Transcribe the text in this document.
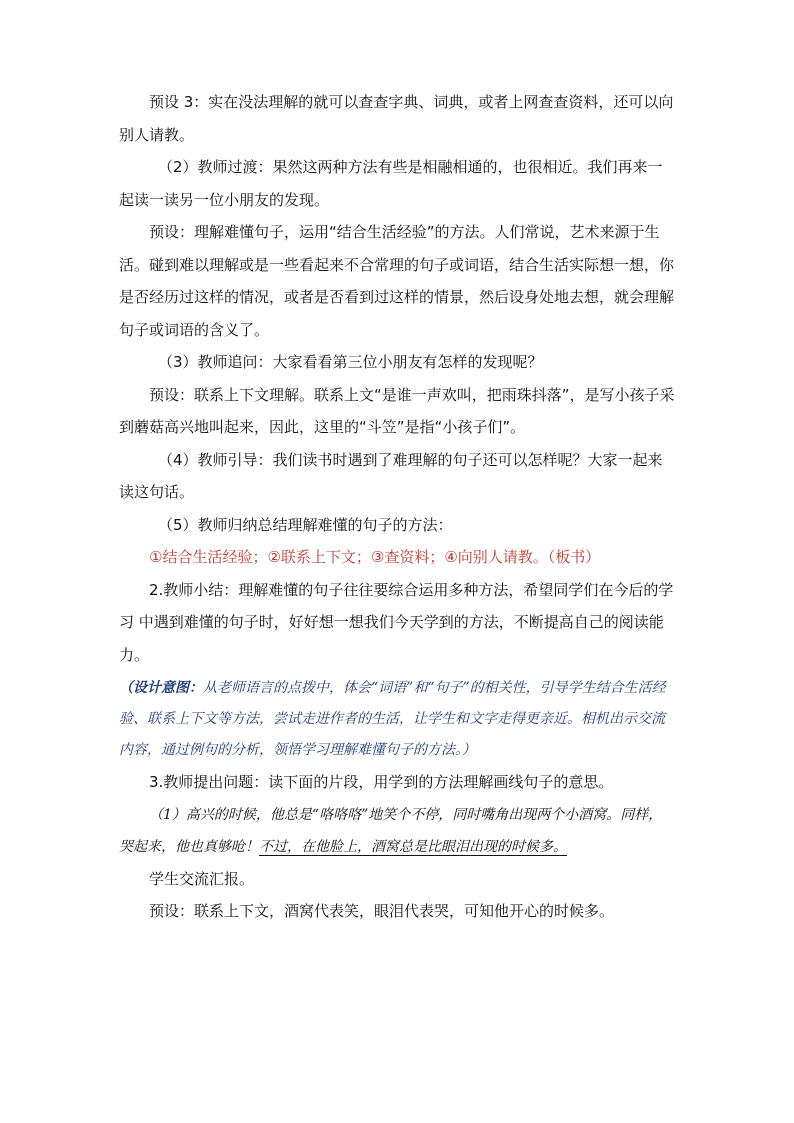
预设 3：实在没法理解的就可以查查字典、词典，或者上网查查资料，还可以向别人请教。

（2）教师过渡：果然这两种方法有些是相融相通的，也很相近。我们再来一起读一读另一位小朋友的发现。

预设：理解难懂句子，运用“结合生活经验”的方法。人们常说，艺术来源于生活。碰到难以理解或是一些看起来不合常理的句子或词语，结合生活实际想一想，你是否经历过这样的情况，或者是否看到过这样的情景，然后设身处地去想，就会理解句子或词语的含义了。

（3）教师追问：大家看看第三位小朋友有怎样的发现呢？

预设：联系上下文理解。联系上文“是谁一声欢叫，把雨珠抖落”，是写小孩子采到蘑菇高兴地叫起来，因此，这里的“斗笠”是指“小孩子们”。

（4）教师引导：我们读书时遇到了难理解的句子还可以怎样呢？大家一起来读这句话。

（5）教师归纳总结理解难懂的句子的方法：

①结合生活经验；②联系上下文；③查资料；④向别人请教。（板书）

2.教师小结：理解难懂的句子往往要综合运用多种方法，希望同学们在今后的学习 中遇到难懂的句子时，好好想一想我们今天学到的方法，不断提高自己的阅读能力。

（设计意图：从老师语言的点拨中，体会“词语”和“句子”的相关性，引导学生结合生活经验、联系上下文等方法，尝试走进作者的生活，让学生和文字走得更亲近。相机出示交流内容，通过例句的分析，领悟学习理解难懂句子的方法。）

3.教师提出问题：读下面的片段，用学到的方法理解画线句子的意思。

（1）高兴的时候，他总是“咯咯咯”地笑个不停，同时嘴角出现两个小酒窝。同样，哭起来，他也真够呛！不过，在他脸上，酒窝总是比眼泪出现的时候多。

学生交流汇报。

预设：联系上下文，酒窝代表笑，眼泪代表哭，可知他开心的时候多。
